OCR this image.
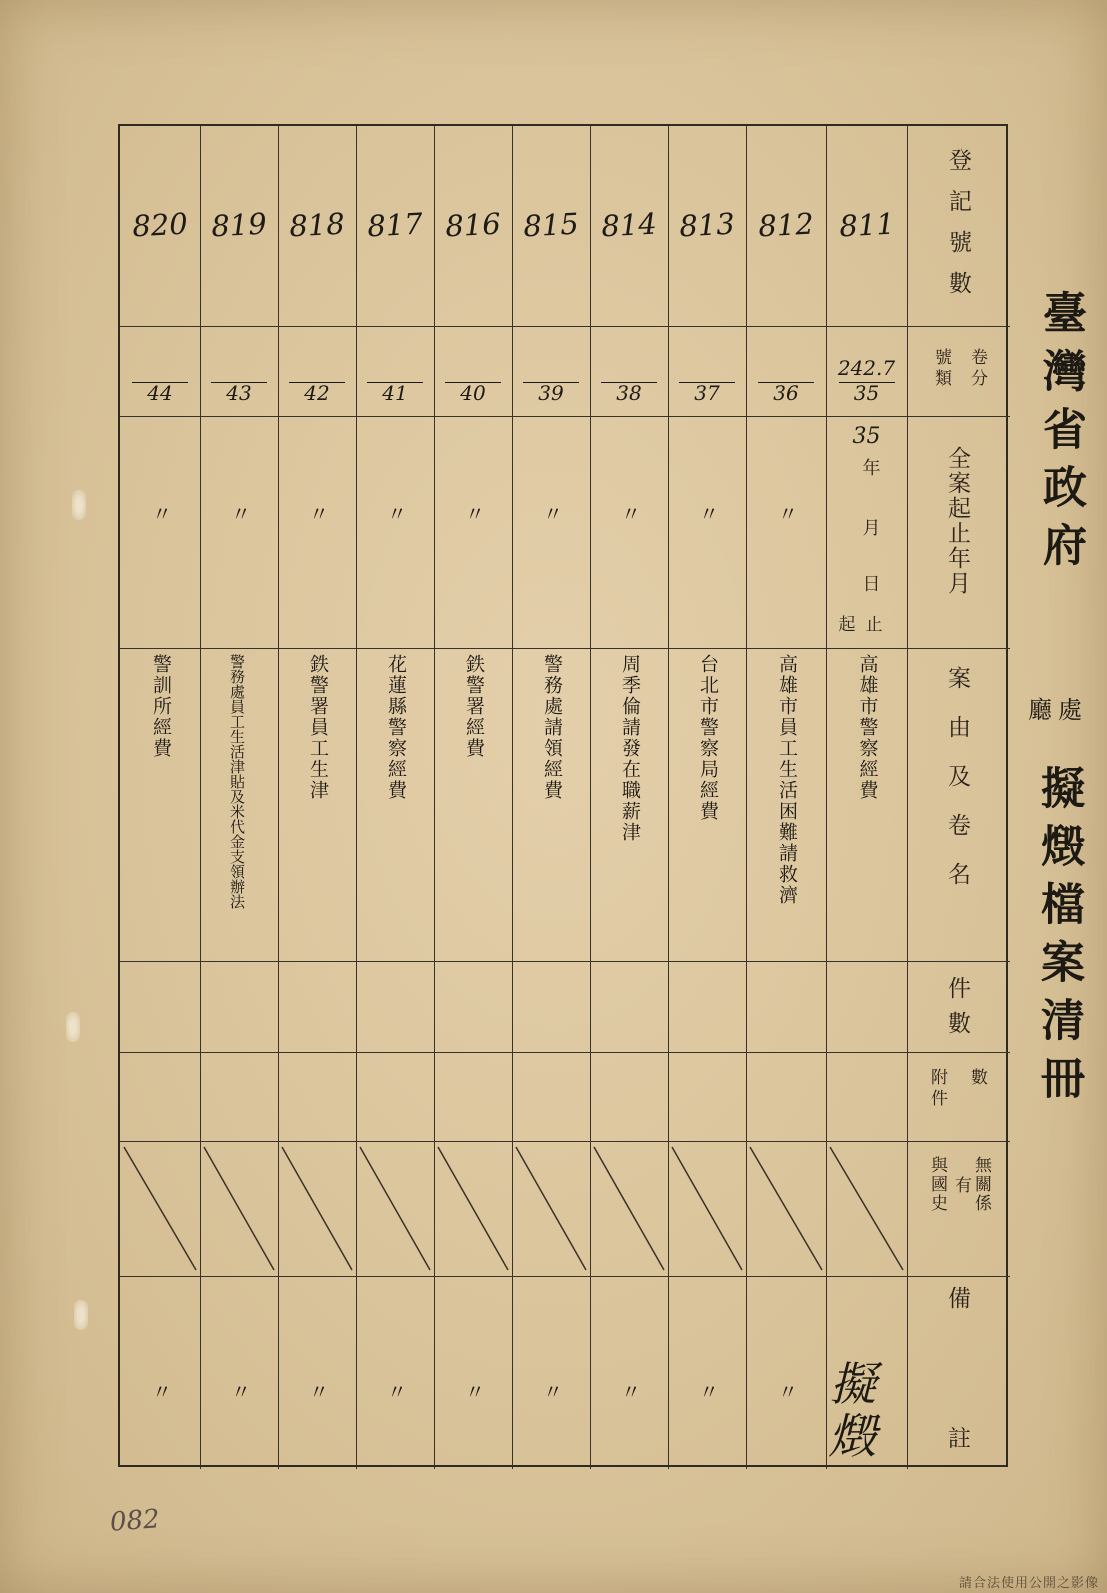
臺灣省政府
廳處
擬燬檔案清冊
登記號數
卷分
號類
全案起止年月
案由及卷名
件數
數
附件
無關係
有
與國史
備
註
811
242.7
35
高雄市警察經費
812
36
〃
高雄市員工生活困難請救濟
〃
813
37
〃
台北市警察局經費
〃
814
38
〃
周季倫請發在職薪津
〃
815
39
〃
警務處請領經費
〃
816
40
〃
鉄警署經費
〃
817
41
〃
花蓮縣警察經費
〃
818
42
〃
鉄警署員工生津
〃
819
43
〃
警務處員工生活津貼及米代金支領辦法
〃
820
44
〃
警訓所經費
〃
35
年
月
日
起止
擬
燬
082
請合法使用公開之影像
